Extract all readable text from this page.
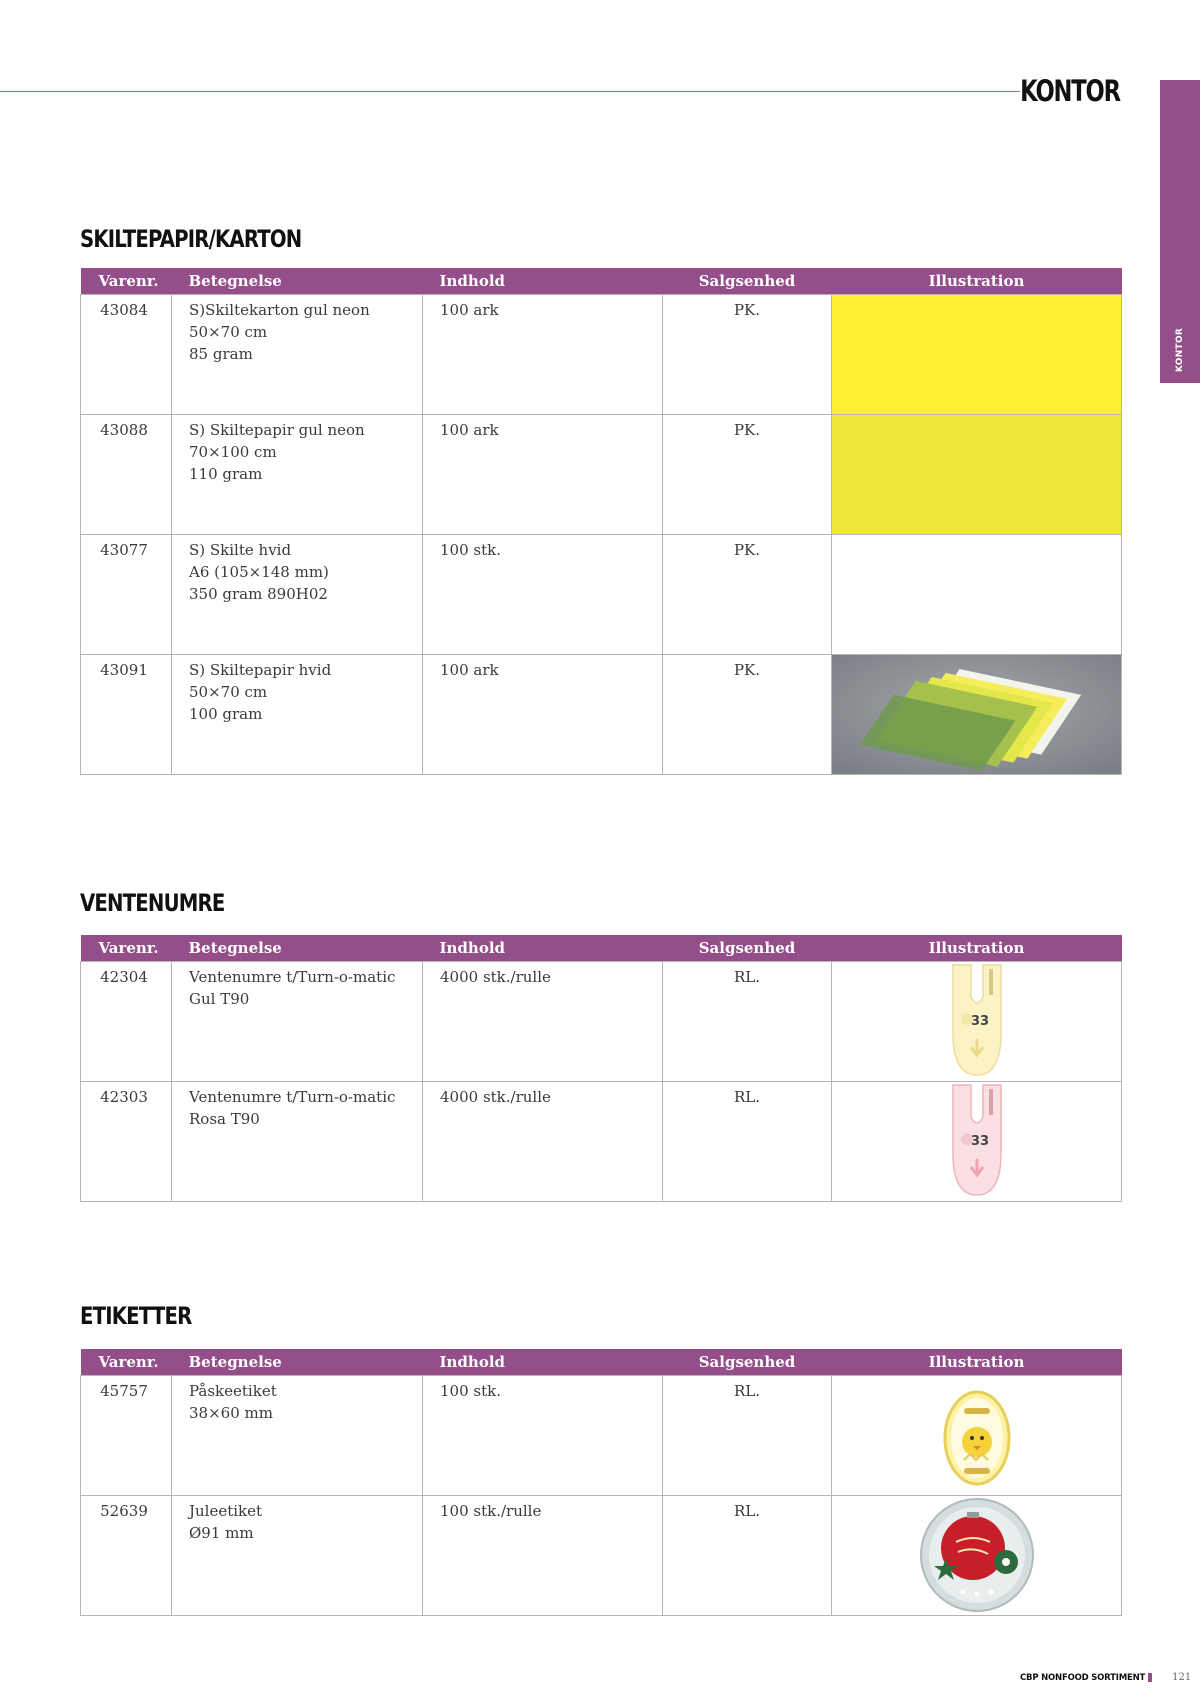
KONTOR
KONTOR
SKILTEPAPIR/KARTON
Varenr.	Betegnelse	Indhold	Salgsenhed	Illustration
43084	S)Skiltekarton gul neon
50×70 cm
85 gram	100 ark	PK.	

43088	S) Skiltepapir gul neon
70×100 cm
110 gram	100 ark	PK.	

43077	S) Skilte hvid
A6 (105×148 mm)
350 gram 890H02	100 stk.	PK.	
43091	S) Skiltepapir hvid
50×70 cm
100 gram	100 ark	PK.	
VENTENUMRE
Varenr.	Betegnelse	Indhold	Salgsenhed	Illustration
42304	Ventenumre t/Turn-o-matic
Gul T90	4000 stk./rulle	RL.	33

42303	Ventenumre t/Turn-o-matic
Rosa T90	4000 stk./rulle	RL.	33
ETIKETTER
Varenr.	Betegnelse	Indhold	Salgsenhed	Illustration
45757	Påskeetiket
38×60 mm	100 stk.	RL.	

52639	Juleetiket
Ø91 mm	100 stk./rulle	RL.	
CBP NONFOOD SORTIMENT	121
